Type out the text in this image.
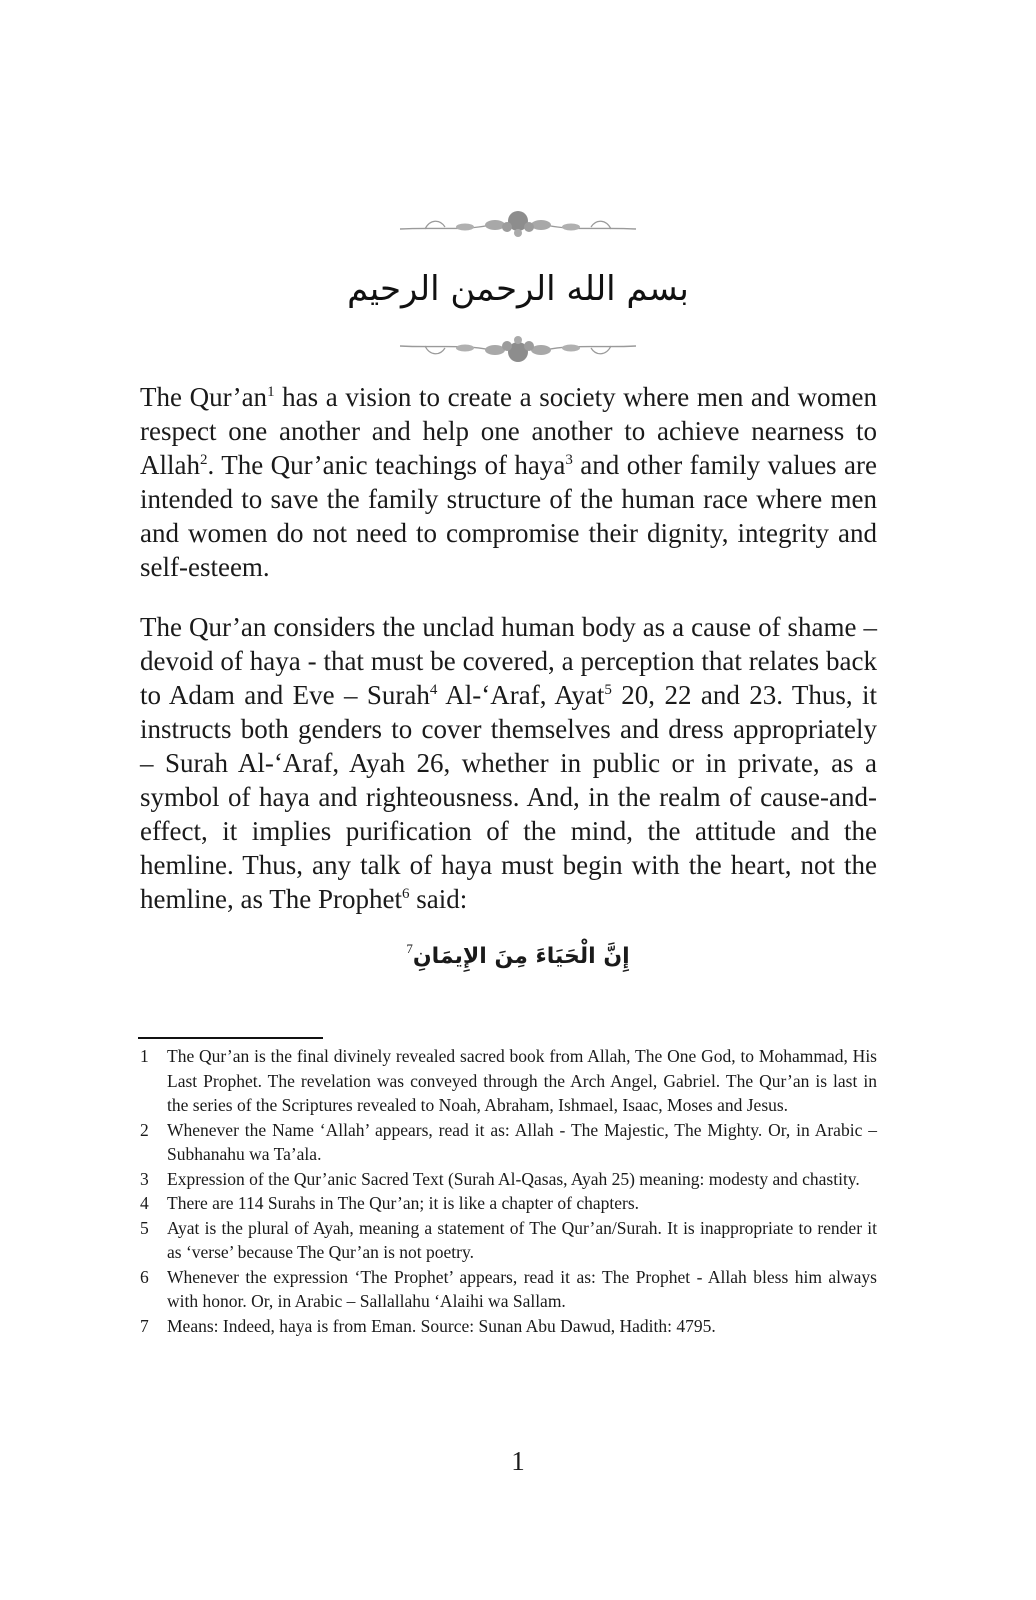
بسم الله الرحمن الرحيم

The $Qur’an^1$ has a vision to create a society where men and women respect one another and help one another to achieve nearness to Allah$^2$. The Qur’anic teachings of haya$^3$ and other family values are intended to save the family structure of the human race where men and women do not need to compromise their dignity, integrity and self-esteem.

The Qur’an considers the unclad human body as a cause of shame – devoid of haya - that must be covered, a perception that relates back to Adam and Eve – Surah$^4$ Al-‘Araf, Ayat$^5$ 20, 22 and 23. Thus, it instructs both genders to cover themselves and dress appropriately – Surah Al-‘Araf, Ayah 26, whether in public or in private, as a symbol of haya and righteousness. And, in the realm of cause-and-effect, it implies purification of the mind, the attitude and the hemline. Thus, any talk of haya must begin with the heart, not the hemline, as The Prophet$^6$ said:

إِنَّ الْحَيَاءَ مِنَ الإِيمَانِ$^7$
1	The Qur’an is the final divinely revealed sacred book from Allah, The One God, to Mohammad, His Last Prophet. The revelation was conveyed through the Arch Angel, Gabriel. The Qur’an is last in the series of the Scriptures revealed to Noah, Abraham, Ishmael, Isaac, Moses and Jesus.
2	Whenever the Name ‘Allah’ appears, read it as: Allah - The Majestic, The Mighty. Or, in Arabic – Subhanahu wa Ta’ala.
3	Expression of the Qur’anic Sacred Text (Surah Al-Qasas, Ayah 25) meaning: modesty and chastity.
4	There are 114 Surahs in The Qur’an; it is like a chapter of chapters.
5	Ayat is the plural of Ayah, meaning a statement of The Qur’an/Surah. It is inappropriate to render it as ‘verse’ because The Qur’an is not poetry.
6	Whenever the expression ‘The Prophet’ appears, read it as: The Prophet - Allah bless him always with honor. Or, in Arabic – Sallallahu ‘Alaihi wa Sallam.
7	Means: Indeed, haya is from Eman. Source: Sunan Abu Dawud, Hadith: 4795.
1
